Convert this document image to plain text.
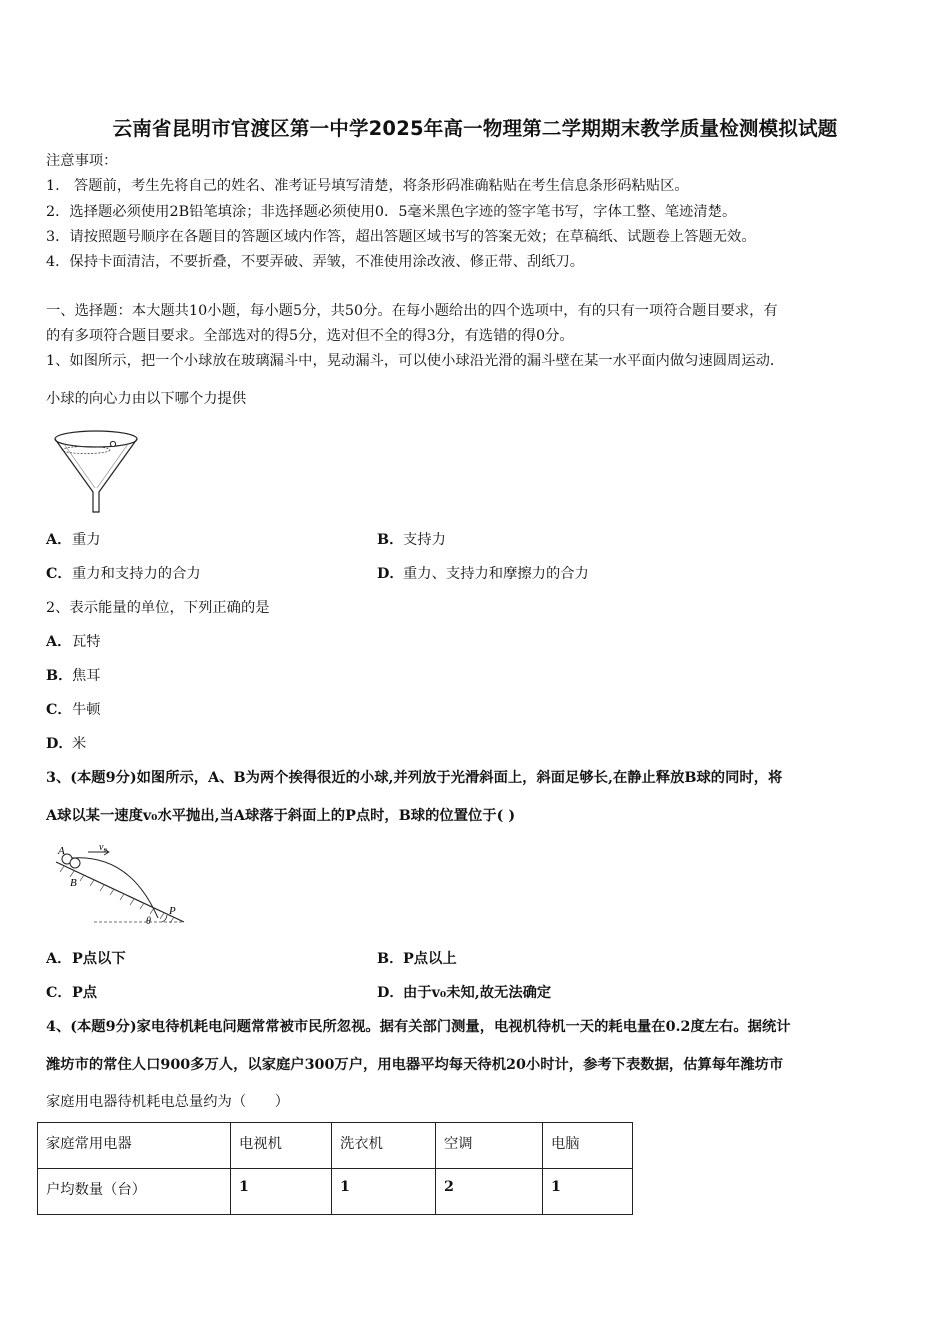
云南省昆明市官渡区第一中学2025年高一物理第二学期期末教学质量检测模拟试题
注意事项：
1.　答题前，考生先将自己的姓名、准考证号填写清楚，将条形码准确粘贴在考生信息条形码粘贴区。
2．选择题必须使用2B铅笔填涂；非选择题必须使用0．5毫米黑色字迹的签字笔书写，字体工整、笔迹清楚。
3．请按照题号顺序在各题目的答题区域内作答，超出答题区域书写的答案无效；在草稿纸、试题卷上答题无效。
4．保持卡面清洁，不要折叠，不要弄破、弄皱，不准使用涂改液、修正带、刮纸刀。
一、选择题：本大题共10小题，每小题5分，共50分。在每小题给出的四个选项中，有的只有一项符合题目要求，有
的有多项符合题目要求。全部选对的得5分，选对但不全的得3分，有选错的得0分。
1、如图所示，把一个小球放在玻璃漏斗中，晃动漏斗，可以使小球沿光滑的漏斗壁在某一水平面内做匀速圆周运动．
小球的向心力由以下哪个力提供
A．重力	B．支持力
C．重力和支持力的合力	D．重力、支持力和摩擦力的合力
2、表示能量的单位，下列正确的是
A．瓦特
B．焦耳
C．牛顿
D．米
3、(本题9分)如图所示，A、B为两个挨得很近的小球,并列放于光滑斜面上，斜面足够长,在静止释放B球的同时，将
A球以某一速度v₀水平抛出,当A球落于斜面上的P点时，B球的位置位于( )
A
B
v₀
P
θ
A．P点以下	B．P点以上
C．P点	D．由于v₀未知,故无法确定
4、(本题9分)家电待机耗电问题常常被市民所忽视。据有关部门测量，电视机待机一天的耗电量在0.2度左右。据统计
潍坊市的常住人口900多万人，以家庭户300万户，用电器平均每天待机20小时计，参考下表数据，估算每年潍坊市
家庭用电器待机耗电总量约为（　　）
家庭常用电器	电视机	洗衣机	空调	电脑
户均数量（台）	1	1	2	1
